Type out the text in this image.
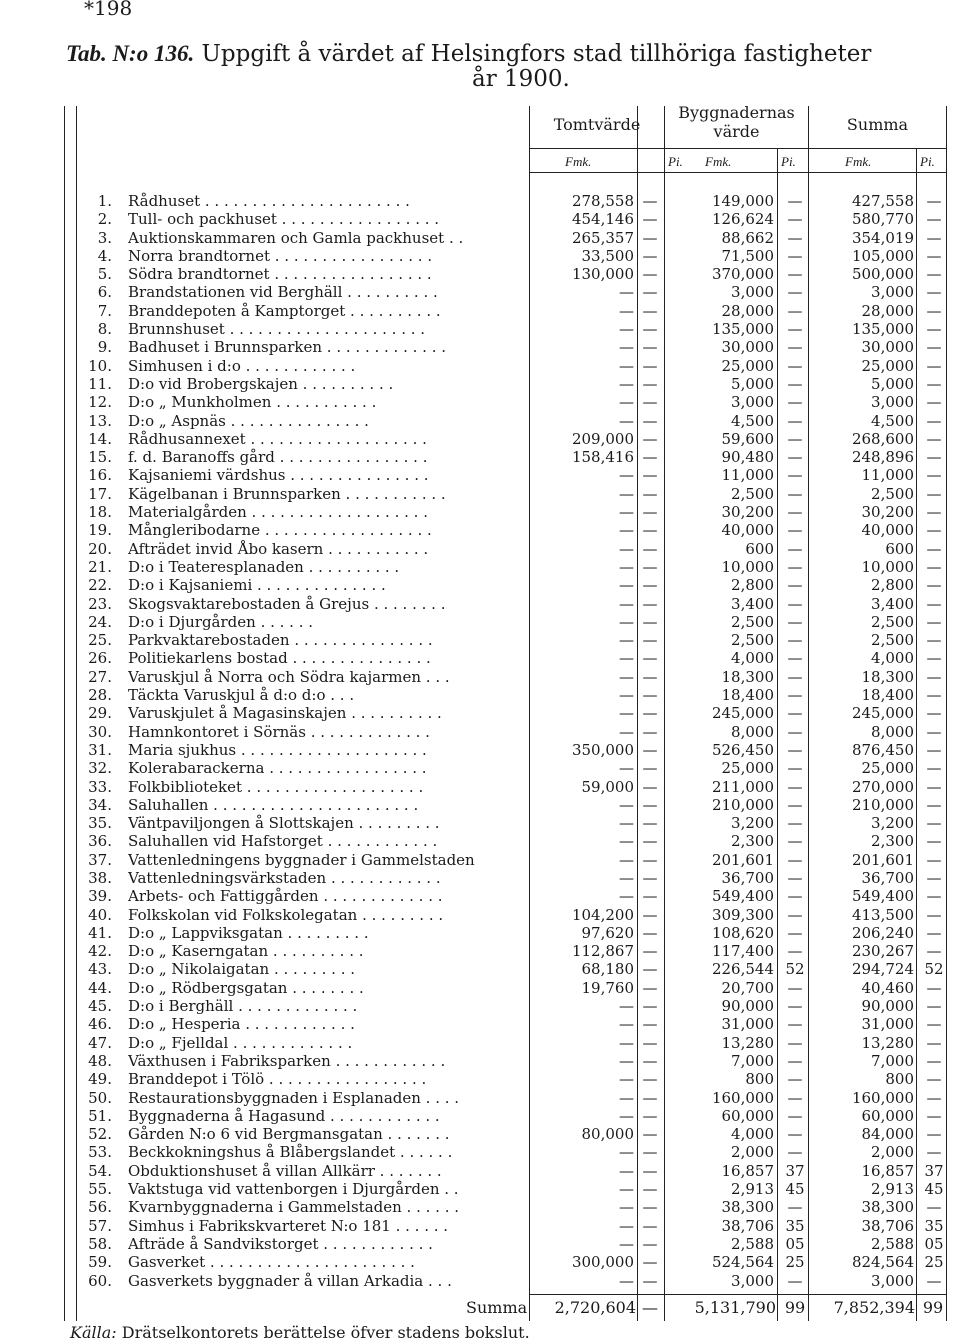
*198
Tab. N:o 136. Uppgift å värdet af Helsingfors stad tillhöriga fastigheter
år 1900.
Tomtvärde
Byggnadernas
värde	Summa
Fmk.	Pi. Fmk.	Pi.	Fmk.	Pi.
1. Rådhuset . . . . . . . . . . . . . . . . . . . . . .	278,558 —	149,000 —	427,558 —
2. Tull- och packhuset . . . . . . . . . . . . . . . . .	454,146 —	126,624 —	580,770 —
3. Auktionskammaren och Gamla packhuset . .	265,357 —	88,662 —	354,019 —
4. Norra brandtornet . . . . . . . . . . . . . . . . .	33,500 —	71,500 —	105,000 —
5. Södra brandtornet . . . . . . . . . . . . . . . . .	130,000 —	370,000 —	500,000 —
6. Brandstationen vid Berghäll . . . . . . . . . .	— —	3,000 —	3,000 —
7. Branddepoten å Kamptorget . . . . . . . . . .	— —	28,000 —	28,000 —
8. Brunnshuset . . . . . . . . . . . . . . . . . . . . .	— —	135,000 —	135,000 —
9. Badhuset i Brunnsparken . . . . . . . . . . . . .	— —	30,000 —	30,000 —
10. Simhusen i d:o . . . . . . . . . . . .	— —	25,000 —	25,000 —
11. D:o vid Brobergskajen . . . . . . . . . .	— —	5,000 —	5,000 —
12. D:o „ Munkholmen . . . . . . . . . . .	— —	3,000 —	3,000 —
13. D:o „ Aspnäs . . . . . . . . . . . . . . .	— —	4,500 —	4,500 —
14. Rådhusannexet . . . . . . . . . . . . . . . . . . .	209,000 —	59,600 —	268,600 —
15. f. d. Baranoffs gård . . . . . . . . . . . . . . . .	158,416 —	90,480 —	248,896 —
16. Kajsaniemi värdshus . . . . . . . . . . . . . . .	— —	11,000 —	11,000 —
17. Kägelbanan i Brunnsparken . . . . . . . . . . .	— —	2,500 —	2,500 —
18. Materialgården . . . . . . . . . . . . . . . . . . .	— —	30,200 —	30,200 —
19. Mångleribodarne . . . . . . . . . . . . . . . . . .	— —	40,000 —	40,000 —
20. Afträdet invid Åbo kasern . . . . . . . . . . .	— —	600 —	600 —
21. D:o i Teateresplanaden . . . . . . . . . .	— —	10,000 —	10,000 —
22. D:o i Kajsaniemi . . . . . . . . . . . . . .	— —	2,800 —	2,800 —
23. Skogsvaktarebostaden å Grejus . . . . . . . .	— —	3,400 —	3,400 —
24. D:o i Djurgården . . . . . .	— —	2,500 —	2,500 —
25. Parkvaktarebostaden . . . . . . . . . . . . . . .	— —	2,500 —	2,500 —
26. Politiekarlens bostad . . . . . . . . . . . . . . .	— —	4,000 —	4,000 —
27. Varuskjul å Norra och Södra kajarmen . . .	— —	18,300 —	18,300 —
28. Täckta Varuskjul å d:o d:o . . .	— —	18,400 —	18,400 —
29. Varuskjulet å Magasinskajen . . . . . . . . . .	— —	245,000 —	245,000 —
30. Hamnkontoret i Sörnäs . . . . . . . . . . . . .	— —	8,000 —	8,000 —
31. Maria sjukhus . . . . . . . . . . . . . . . . . . . .	350,000 —	526,450 —	876,450 —
32. Kolerabarackerna . . . . . . . . . . . . . . . . .	— —	25,000 —	25,000 —
33. Folkbiblioteket . . . . . . . . . . . . . . . . . . .	59,000 —	211,000 —	270,000 —
34. Saluhallen . . . . . . . . . . . . . . . . . . . . . .	— —	210,000 —	210,000 —
35. Väntpaviljongen å Slottskajen . . . . . . . . .	— —	3,200 —	3,200 —
36. Saluhallen vid Hafstorget . . . . . . . . . . . .	— —	2,300 —	2,300 —
37. Vattenledningens byggnader i Gammelstaden	— —	201,601 —	201,601 —
38. Vattenledningsvärkstaden . . . . . . . . . . . .	— —	36,700 —	36,700 —
39. Arbets- och Fattiggården . . . . . . . . . . . . .	— —	549,400 —	549,400 —
40. Folkskolan vid Folkskolegatan . . . . . . . . .	104,200 —	309,300 —	413,500 —
41. D:o „ Lappviksgatan . . . . . . . . .	97,620 —	108,620 —	206,240 —
42. D:o „ Kaserngatan . . . . . . . . . .	112,867 —	117,400 —	230,267 —
43. D:o „ Nikolaigatan . . . . . . . . .	68,180 —	226,544 52	294,724 52
44. D:o „ Rödbergsgatan . . . . . . . .	19,760 —	20,700 —	40,460 —
45. D:o i Berghäll . . . . . . . . . . . . .	— —	90,000 —	90,000 —
46. D:o „ Hesperia . . . . . . . . . . . .	— —	31,000 —	31,000 —
47. D:o „ Fjelldal . . . . . . . . . . . . .	— —	13,280 —	13,280 —
48. Växthusen i Fabriksparken . . . . . . . . . . . .	— —	7,000 —	7,000 —
49. Branddepot i Tölö . . . . . . . . . . . . . . . . .	— —	800 —	800 —
50. Restaurationsbyggnaden i Esplanaden . . . .	— —	160,000 —	160,000 —
51. Byggnaderna å Hagasund . . . . . . . . . . . .	— —	60,000 —	60,000 —
52. Gården N:o 6 vid Bergmansgatan . . . . . . .	80,000 —	4,000 —	84,000 —
53. Beckkokningshus å Blåbergslandet . . . . . .	— —	2,000 —	2,000 —
54. Obduktionshuset å villan Allkärr . . . . . . .	— —	16,857 37	16,857 37
55. Vaktstuga vid vattenborgen i Djurgården . .	— —	2,913 45	2,913 45
56. Kvarnbyggnaderna i Gammelstaden . . . . . .	— —	38,300 —	38,300 —
57. Simhus i Fabrikskvarteret N:o 181 . . . . . .	— —	38,706 35	38,706 35
58. Afträde å Sandvikstorget . . . . . . . . . . . .	— —	2,588 05	2,588 05
59. Gasverket . . . . . . . . . . . . . . . . . . . . . .	300,000 —	524,564 25	824,564 25
60. Gasverkets byggnader å villan Arkadia . . .	— —	3,000 —	3,000 —
Summa	2,720,604 —	5,131,790 99	7,852,394 99
Källa: Drätselkontorets berättelse öfver stadens bokslut.
